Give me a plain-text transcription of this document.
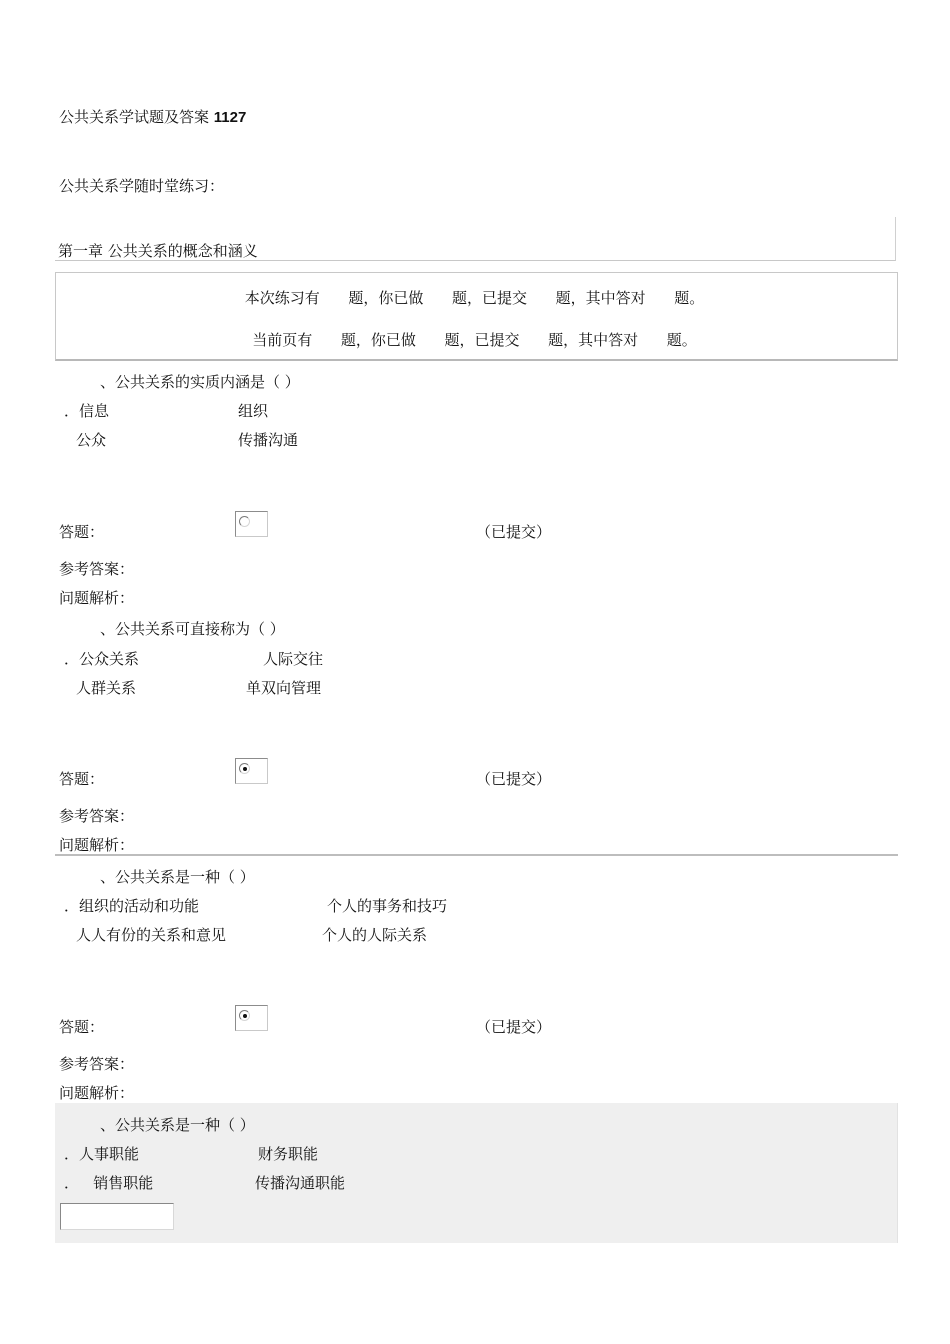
公共关系学试题及答案 1127
公共关系学随时堂练习：
第一章 公共关系的概念和涵义
本次练习有      题，你已做      题，已提交      题，其中答对      题。
当前页有      题，你已做      题，已提交      题，其中答对      题。
、公共关系的实质内涵是（ ）
．信息	组织
公众	传播沟通
答题：	（已提交）
参考答案：
问题解析：
、公共关系可直接称为（ ）
．公众关系	人际交往
人群关系	单双向管理
答题：	（已提交）
参考答案：
问题解析：
、公共关系是一种（ ）
．组织的活动和功能	个人的事务和技巧
人人有份的关系和意见	个人的人际关系
答题：	（已提交）
参考答案：
问题解析：
、公共关系是一种（ ）
．人事职能	财务职能
．   销售职能	传播沟通职能
